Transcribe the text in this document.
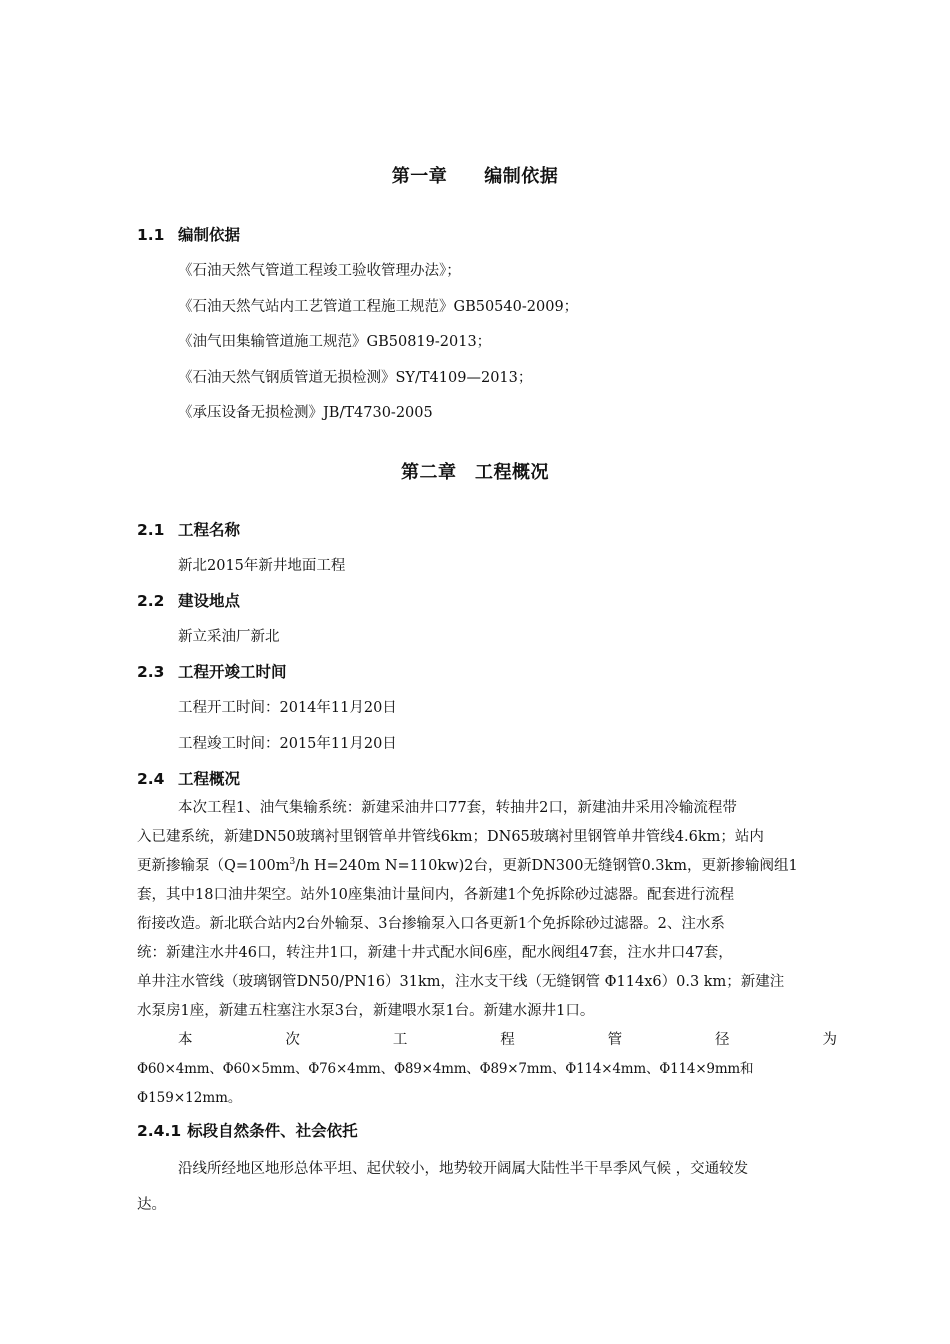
第一章　　编制依据
1.1 编制依据
《石油天然气管道工程竣工验收管理办法》；
《石油天然气站内工艺管道工程施工规范》GB50540-2009；
《油气田集输管道施工规范》GB50819-2013；
《石油天然气钢质管道无损检测》SY/T4109—2013；
《承压设备无损检测》JB/T4730-2005
第二章　工程概况
2.1 工程名称
新北2015年新井地面工程
2.2 建设地点
新立采油厂新北
2.3 工程开竣工时间
工程开工时间：2014年11月20日
工程竣工时间：2015年11月20日
2.4 工程概况
本次工程1、油气集输系统：新建采油井口77套，转抽井2口，新建油井采用冷输流程带
入已建系统，新建DN50玻璃衬里钢管单井管线6km；DN65玻璃衬里钢管单井管线4.6km；站内
更新掺输泵（$Q=100m^3/h$ H=240m N=110kw)2台，更新DN300无缝钢管0.3km，更新掺输阀组1
套，其中18口油井架空。站外10座集油计量间内，各新建1个免拆除砂过滤器。配套进行流程
衔接改造。新北联合站内2台外输泵、3台掺输泵入口各更新1个免拆除砂过滤器。2、注水系
统：新建注水井46口，转注井1口，新建十井式配水间6座，配水阀组47套，注水井口47套，
单井注水管线（玻璃钢管DN50/PN16）31km，注水支干线（无缝钢管 Φ114x6）0.3 km；新建注
水泵房1座，新建五柱塞注水泵3台，新建喂水泵1台。新建水源井1口。
本	次	工	程	管	径	为
Φ60×4mm、Φ60×5mm、Φ76×4mm、Φ89×4mm、Φ89×7mm、Φ114×4mm、Φ114×9mm和
Φ159×12mm。
2.4.1 标段自然条件、社会依托
沿线所经地区地形总体平坦、起伏较小，地势较开阔属大陆性半干旱季风气候 ，交通较发
达。
